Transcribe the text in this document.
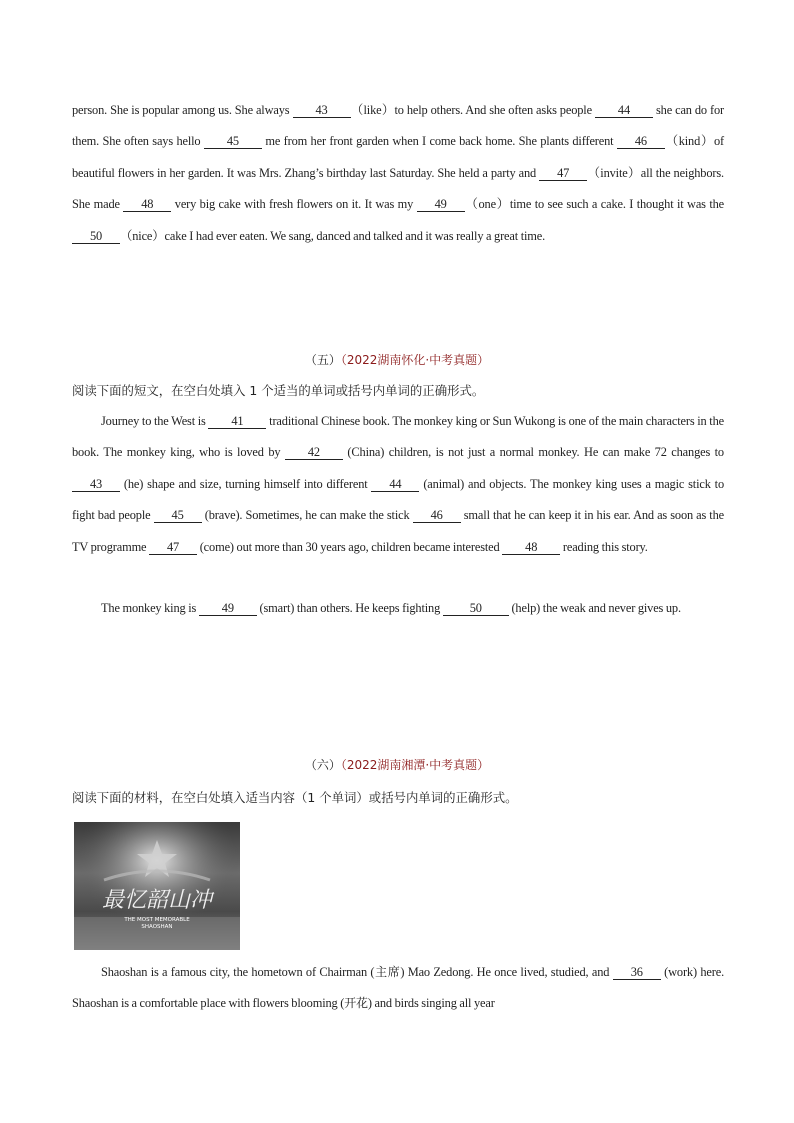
person. She is popular among us. She always 43 （like）to help others. And she often asks people 44 she can do for them. She often says hello 45 me from her front garden when I come back home. She plants different 46 （kind）of beautiful flowers in her garden. It was Mrs. Zhang’s birthday last Saturday. She held a party and 47 （invite）all the neighbors. She made 48 very big cake with fresh flowers on it. It was my 49 （one）time to see such a cake. I thought it was the 50 （nice）cake I had ever eaten. We sang, danced and talked and it was really a great time.
（五）（2022湖南怀化·中考真题）
阅读下面的短文，在空白处填入 1 个适当的单词或括号内单词的正确形式。
Journey to the West is 41 traditional Chinese book. The monkey king or Sun Wukong is one of the main characters in the book. The monkey king, who is loved by 42 (China) children, is not just a normal monkey. He can make 72 changes to 43 (he) shape and size, turning himself into different 44 (animal) and objects. The monkey king uses a magic stick to fight bad people 45 (brave). Sometimes, he can make the stick 46 small that he can keep it in his ear. And as soon as the TV programme 47 (come) out more than 30 years ago, children became interested 48 reading this story.
The monkey king is 49 (smart) than others. He keeps fighting 50 (help) the weak and never gives up.
（六）（2022湖南湘潭·中考真题）
阅读下面的材料，在空白处填入适当内容（1 个单词）或括号内单词的正确形式。
最忆韶山冲
THE MOST MEMORABLE
SHAOSHAN
Shaoshan is a famous city, the hometown of Chairman (主席) Mao Zedong. He once lived, studied, and 36 (work) here. Shaoshan is a comfortable place with flowers blooming (开花) and birds singing all year
